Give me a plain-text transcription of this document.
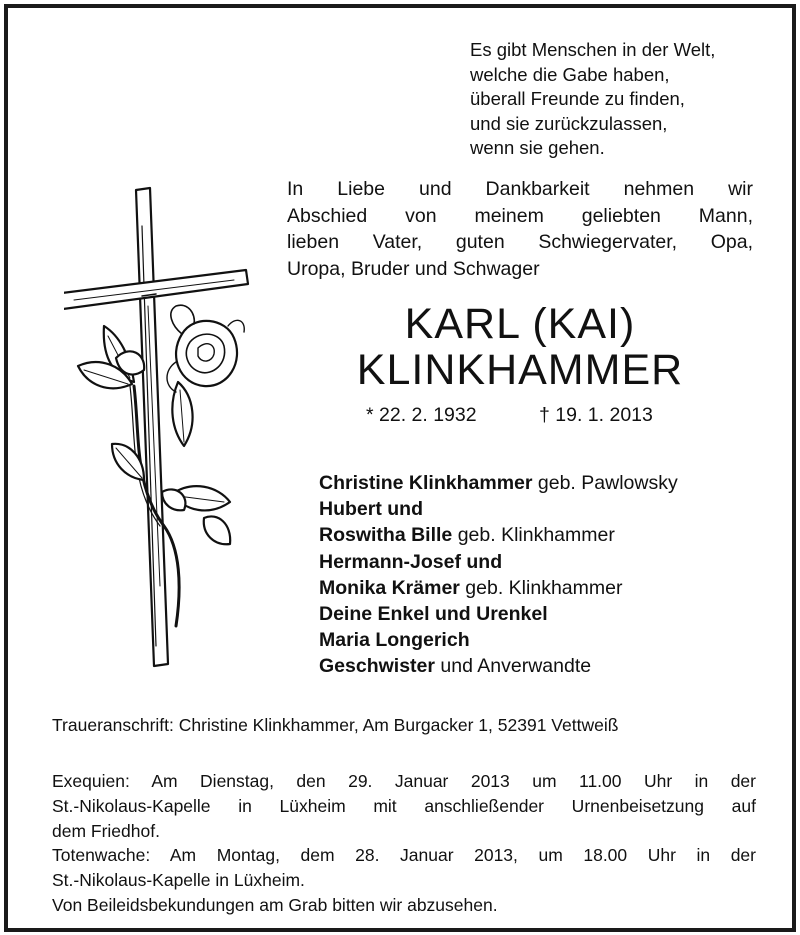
Es gibt Menschen in der Welt,
welche die Gabe haben,
überall Freunde zu finden,
und sie zurückzulassen,
wenn sie gehen.
In Liebe und Dankbarkeit nehmen wir
Abschied von meinem geliebten Mann,
lieben Vater, guten Schwiegervater, Opa,
Uropa, Bruder und Schwager
KARL (KAI)
KLINKHAMMER
* 22. 2. 1932	† 19. 1. 2013
Christine Klinkhammer geb. Pawlowsky
Hubert und
Roswitha Bille geb. Klinkhammer
Hermann-Josef und
Monika Krämer geb. Klinkhammer
Deine Enkel und Urenkel
Maria Longerich
Geschwister und Anverwandte
Traueranschrift: Christine Klinkhammer, Am Burgacker 1, 52391 Vettweiß
Exequien: Am Dienstag, den 29. Januar 2013 um 11.00 Uhr in der
St.-Nikolaus-Kapelle in Lüxheim mit anschließender Urnenbeisetzung auf
dem Friedhof.
Totenwache: Am Montag, dem 28. Januar 2013, um 18.00 Uhr in der
St.-Nikolaus-Kapelle in Lüxheim.
Von Beileidsbekundungen am Grab bitten wir abzusehen.
